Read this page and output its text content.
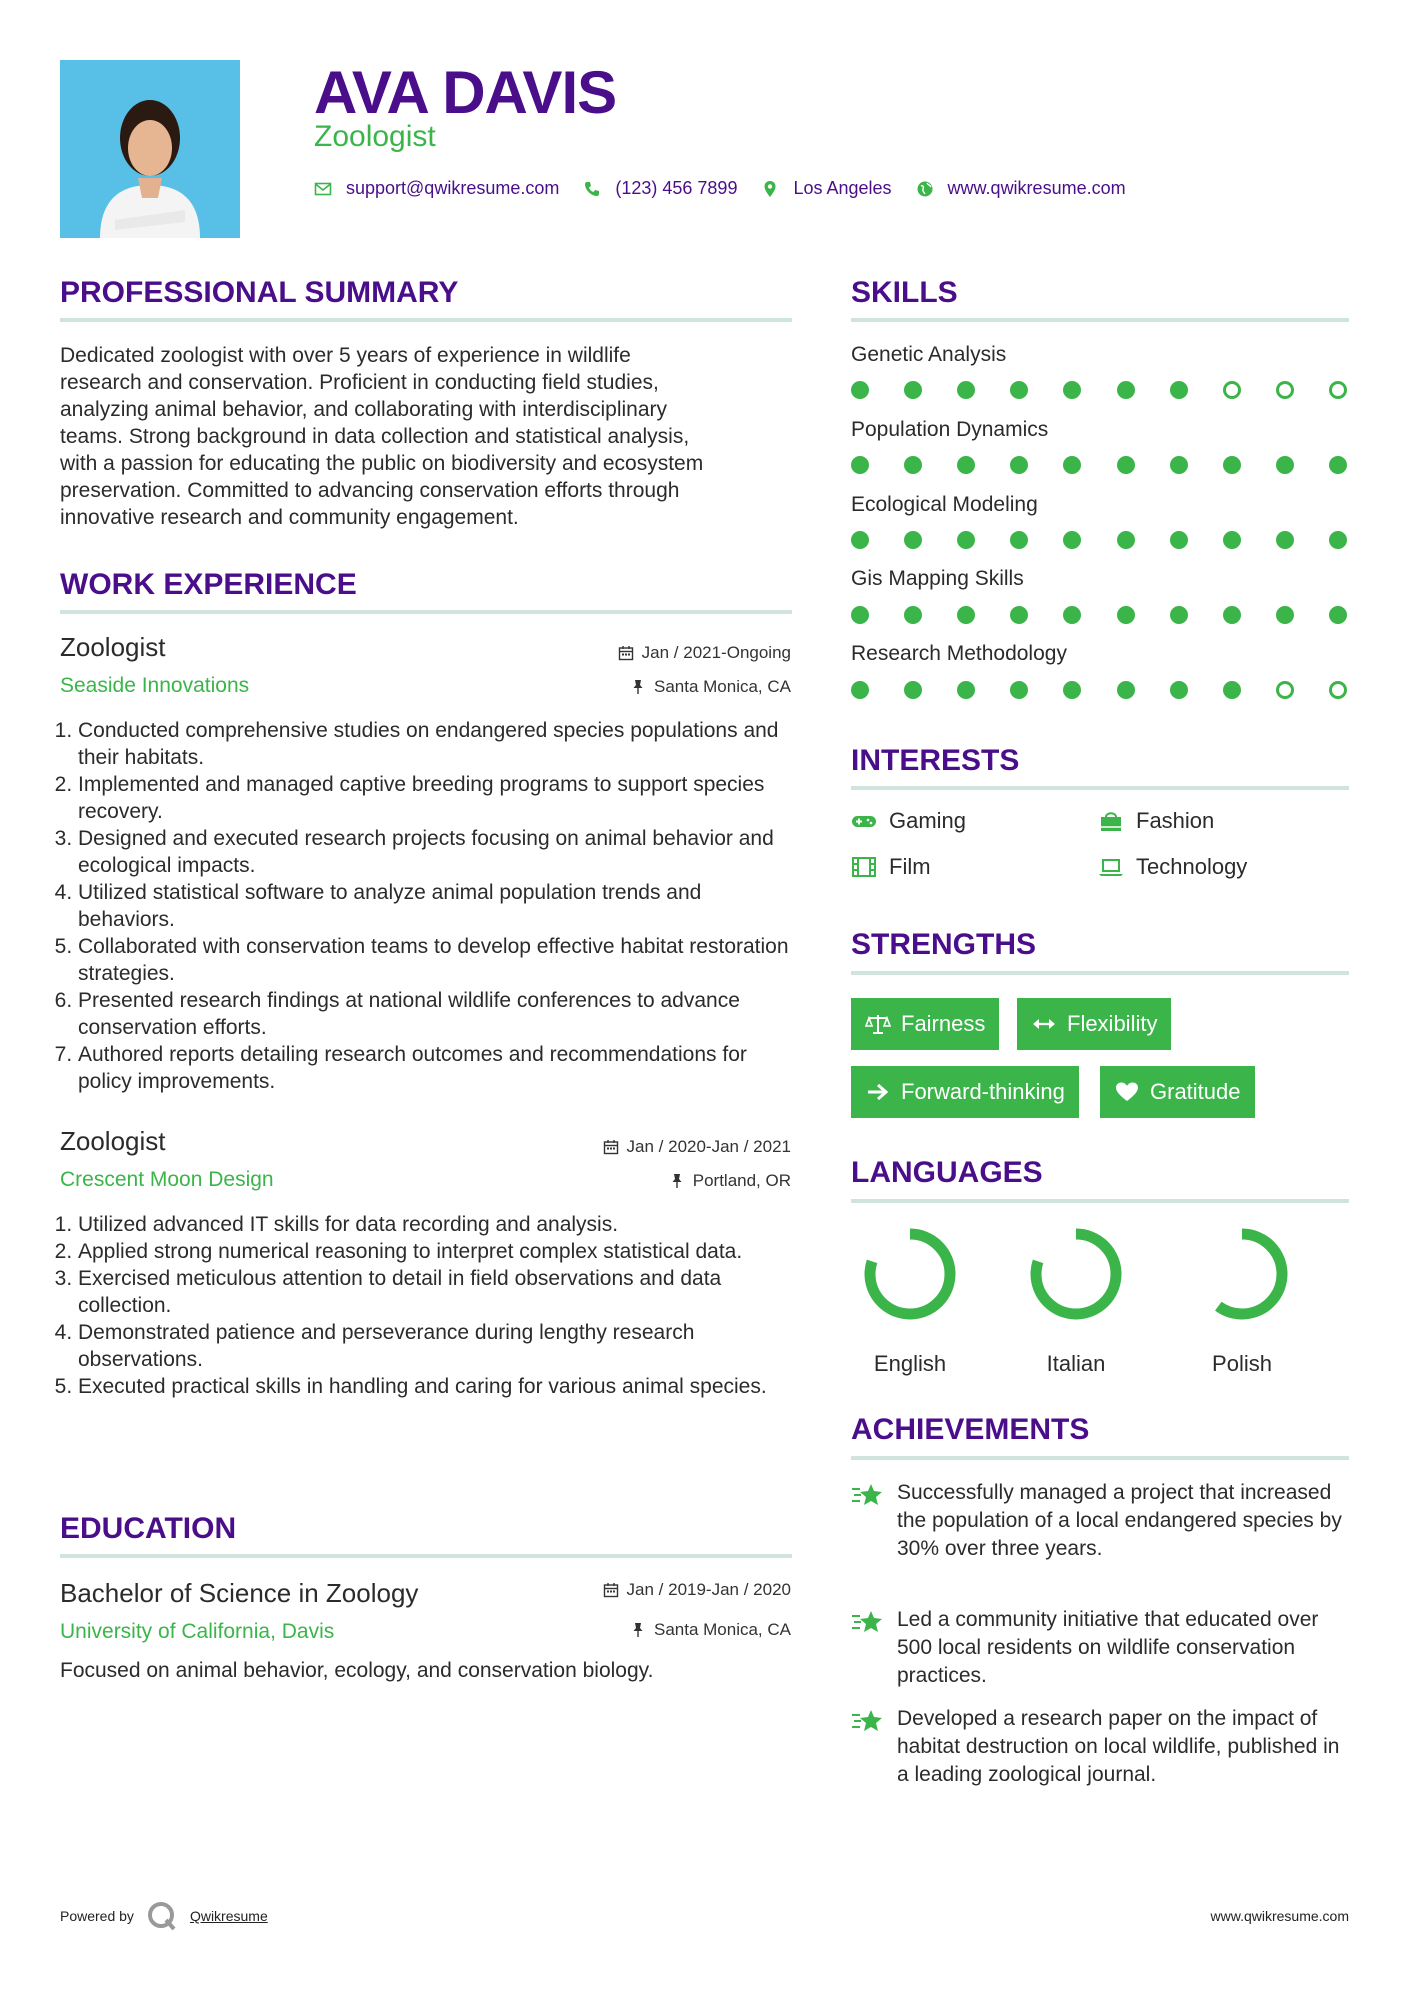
AVA DAVIS
Zoologist
support@qwikresume.com	(123) 456 7899	Los Angeles	www.qwikresume.com
PROFESSIONAL SUMMARY
Dedicated zoologist with over 5 years of experience in wildlife
research and conservation. Proficient in conducting field studies,
analyzing animal behavior, and collaborating with interdisciplinary
teams. Strong background in data collection and statistical analysis,
with a passion for educating the public on biodiversity and ecosystem
preservation. Committed to advancing conservation efforts through
innovative research and community engagement.
WORK EXPERIENCE
Zoologist
Seaside Innovations
Jan / 2021-Ongoing
Santa Monica, CA
1. Conducted comprehensive studies on endangered species populations and their habitats.
2. Implemented and managed captive breeding programs to support species recovery.
3. Designed and executed research projects focusing on animal behavior and ecological impacts.
4. Utilized statistical software to analyze animal population trends and behaviors.
5. Collaborated with conservation teams to develop effective habitat restoration strategies.
6. Presented research findings at national wildlife conferences to advance conservation efforts.
7. Authored reports detailing research outcomes and recommendations for policy improvements.
Zoologist
Crescent Moon Design
Jan / 2020-Jan / 2021
Portland, OR
1. Utilized advanced IT skills for data recording and analysis.
2. Applied strong numerical reasoning to interpret complex statistical data.
3. Exercised meticulous attention to detail in field observations and data collection.
4. Demonstrated patience and perseverance during lengthy research observations.
5. Executed practical skills in handling and caring for various animal species.
EDUCATION
Bachelor of Science in Zoology
University of California, Davis
Jan / 2019-Jan / 2020
Santa Monica, CA
Focused on animal behavior, ecology, and conservation biology.
SKILLS
Genetic Analysis
Population Dynamics
Ecological Modeling
Gis Mapping Skills
Research Methodology
INTERESTS
Gaming	Fashion
Film	Technology
STRENGTHS
Fairness	Flexibility
Forward-thinking	Gratitude
LANGUAGES
English	Italian	Polish
ACHIEVEMENTS
Successfully managed a project that increased the population of a local endangered species by 30% over three years.
Led a community initiative that educated over 500 local residents on wildlife conservation practices.
Developed a research paper on the impact of habitat destruction on local wildlife, published in a leading zoological journal.
Powered by	Qwikresume	www.qwikresume.com
